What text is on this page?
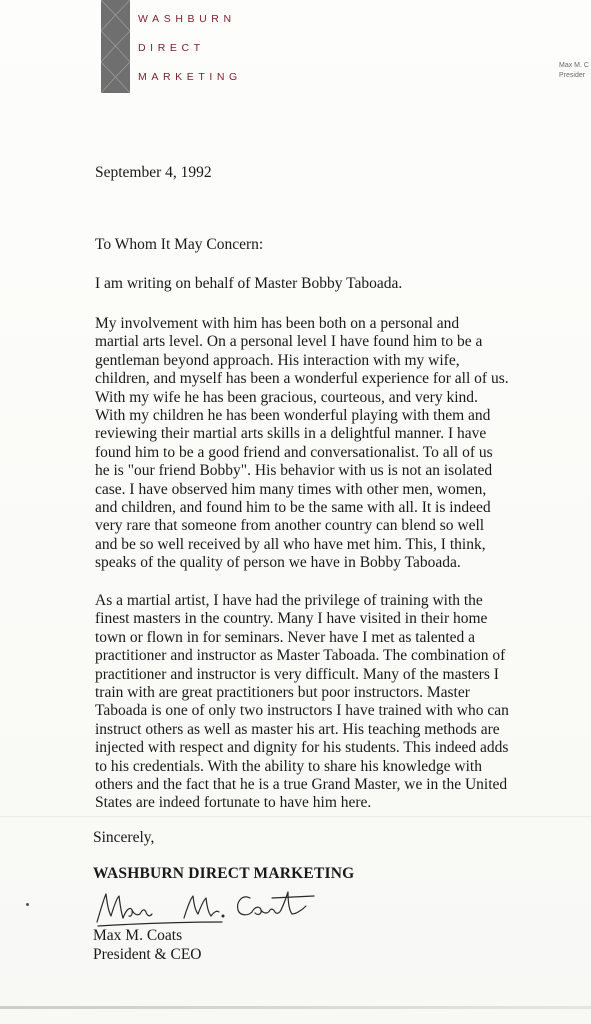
WASHBURN
DIRECT
MARKETING
Max M. C
Presider
September 4, 1992
To Whom It May Concern:
I am writing on behalf of Master Bobby Taboada.
My involvement with him has been both on a personal and
martial arts level. On a personal level I have found him to be a
gentleman beyond approach. His interaction with my wife,
children, and myself has been a wonderful experience for all of us.
With my wife he has been gracious, courteous, and very kind.
With my children he has been wonderful playing with them and
reviewing their martial arts skills in a delightful manner. I have
found him to be a good friend and conversationalist. To all of us
he is "our friend Bobby". His behavior with us is not an isolated
case. I have observed him many times with other men, women,
and children, and found him to be the same with all. It is indeed
very rare that someone from another country can blend so well
and be so well received by all who have met him. This, I think,
speaks of the quality of person we have in Bobby Taboada.
As a martial artist, I have had the privilege of training with the
finest masters in the country. Many I have visited in their home
town or flown in for seminars. Never have I met as talented a
practitioner and instructor as Master Taboada. The combination of
practitioner and instructor is very difficult. Many of the masters I
train with are great practitioners but poor instructors. Master
Taboada is one of only two instructors I have trained with who can
instruct others as well as master his art. His teaching methods are
injected with respect and dignity for his students. This indeed adds
to his credentials. With the ability to share his knowledge with
others and the fact that he is a true Grand Master, we in the United
States are indeed fortunate to have him here.
Sincerely,
WASHBURN DIRECT MARKETING
Max M. Coats
President & CEO
